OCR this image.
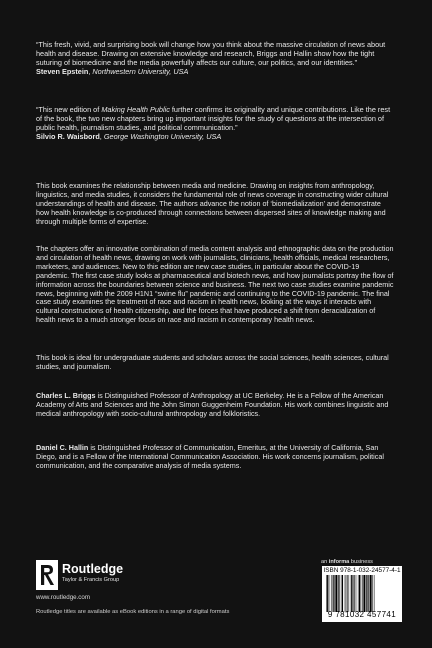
“This fresh, vivid, and surprising book will change how you think about the massive circulation of news about health and disease. Drawing on extensive knowledge and research, Briggs and Hallin show how the tight suturing of biomedicine and the media powerfully affects our culture, our politics, and our identities.”

Steven Epstein, Northwestern University, USA

“This new edition of Making Health Public further confirms its originality and unique contributions. Like the rest of the book, the two new chapters bring up important insights for the study of questions at the intersection of public health, journalism studies, and political communication.”

Silvio R. Waisbord, George Washington University, USA

This book examines the relationship between media and medicine. Drawing on insights from anthropology, linguistics, and media studies, it considers the fundamental role of news coverage in constructing wider cultural understandings of health and disease. The authors advance the notion of ‘biomedialization’ and demonstrate how health knowledge is co-produced through connections between dispersed sites of knowledge making and through multiple forms of expertise.

The chapters offer an innovative combination of media content analysis and ethnographic data on the production and circulation of health news, drawing on work with journalists, clinicians, health officials, medical researchers, marketers, and audiences. New to this edition are new case studies, in particular about the COVID-19 pandemic. The first case study looks at pharmaceutical and biotech news, and how journalists portray the flow of information across the boundaries between science and business. The next two case studies examine pandemic news, beginning with the 2009 H1N1 “swine flu” pandemic and continuing to the COVID-19 pandemic. The final case study examines the treatment of race and racism in health news, looking at the ways it interacts with cultural constructions of health citizenship, and the forces that have produced a shift from deracialization of health news to a much stronger focus on race and racism in contemporary health news.

This book is ideal for undergraduate students and scholars across the social sciences, health sciences, cultural studies, and journalism.

Charles L. Briggs is Distinguished Professor of Anthropology at UC Berkeley. He is a Fellow of the American Academy of Arts and Sciences and the John Simon Guggenheim Foundation. His work combines linguistic and medical anthropology with socio-cultural anthropology and folkloristics.

Daniel C. Hallin is Distinguished Professor of Communication, Emeritus, at the University of California, San Diego, and is a Fellow of the International Communication Association. His work concerns journalism, political communication, and the comparative analysis of media systems.

Routledge
Taylor & Francis Group
www.routledge.com
Routledge titles are available as eBook editions in a range of digital formats
an informa business
ISBN 978-1-032-24577-4-1
9 781032 457741
